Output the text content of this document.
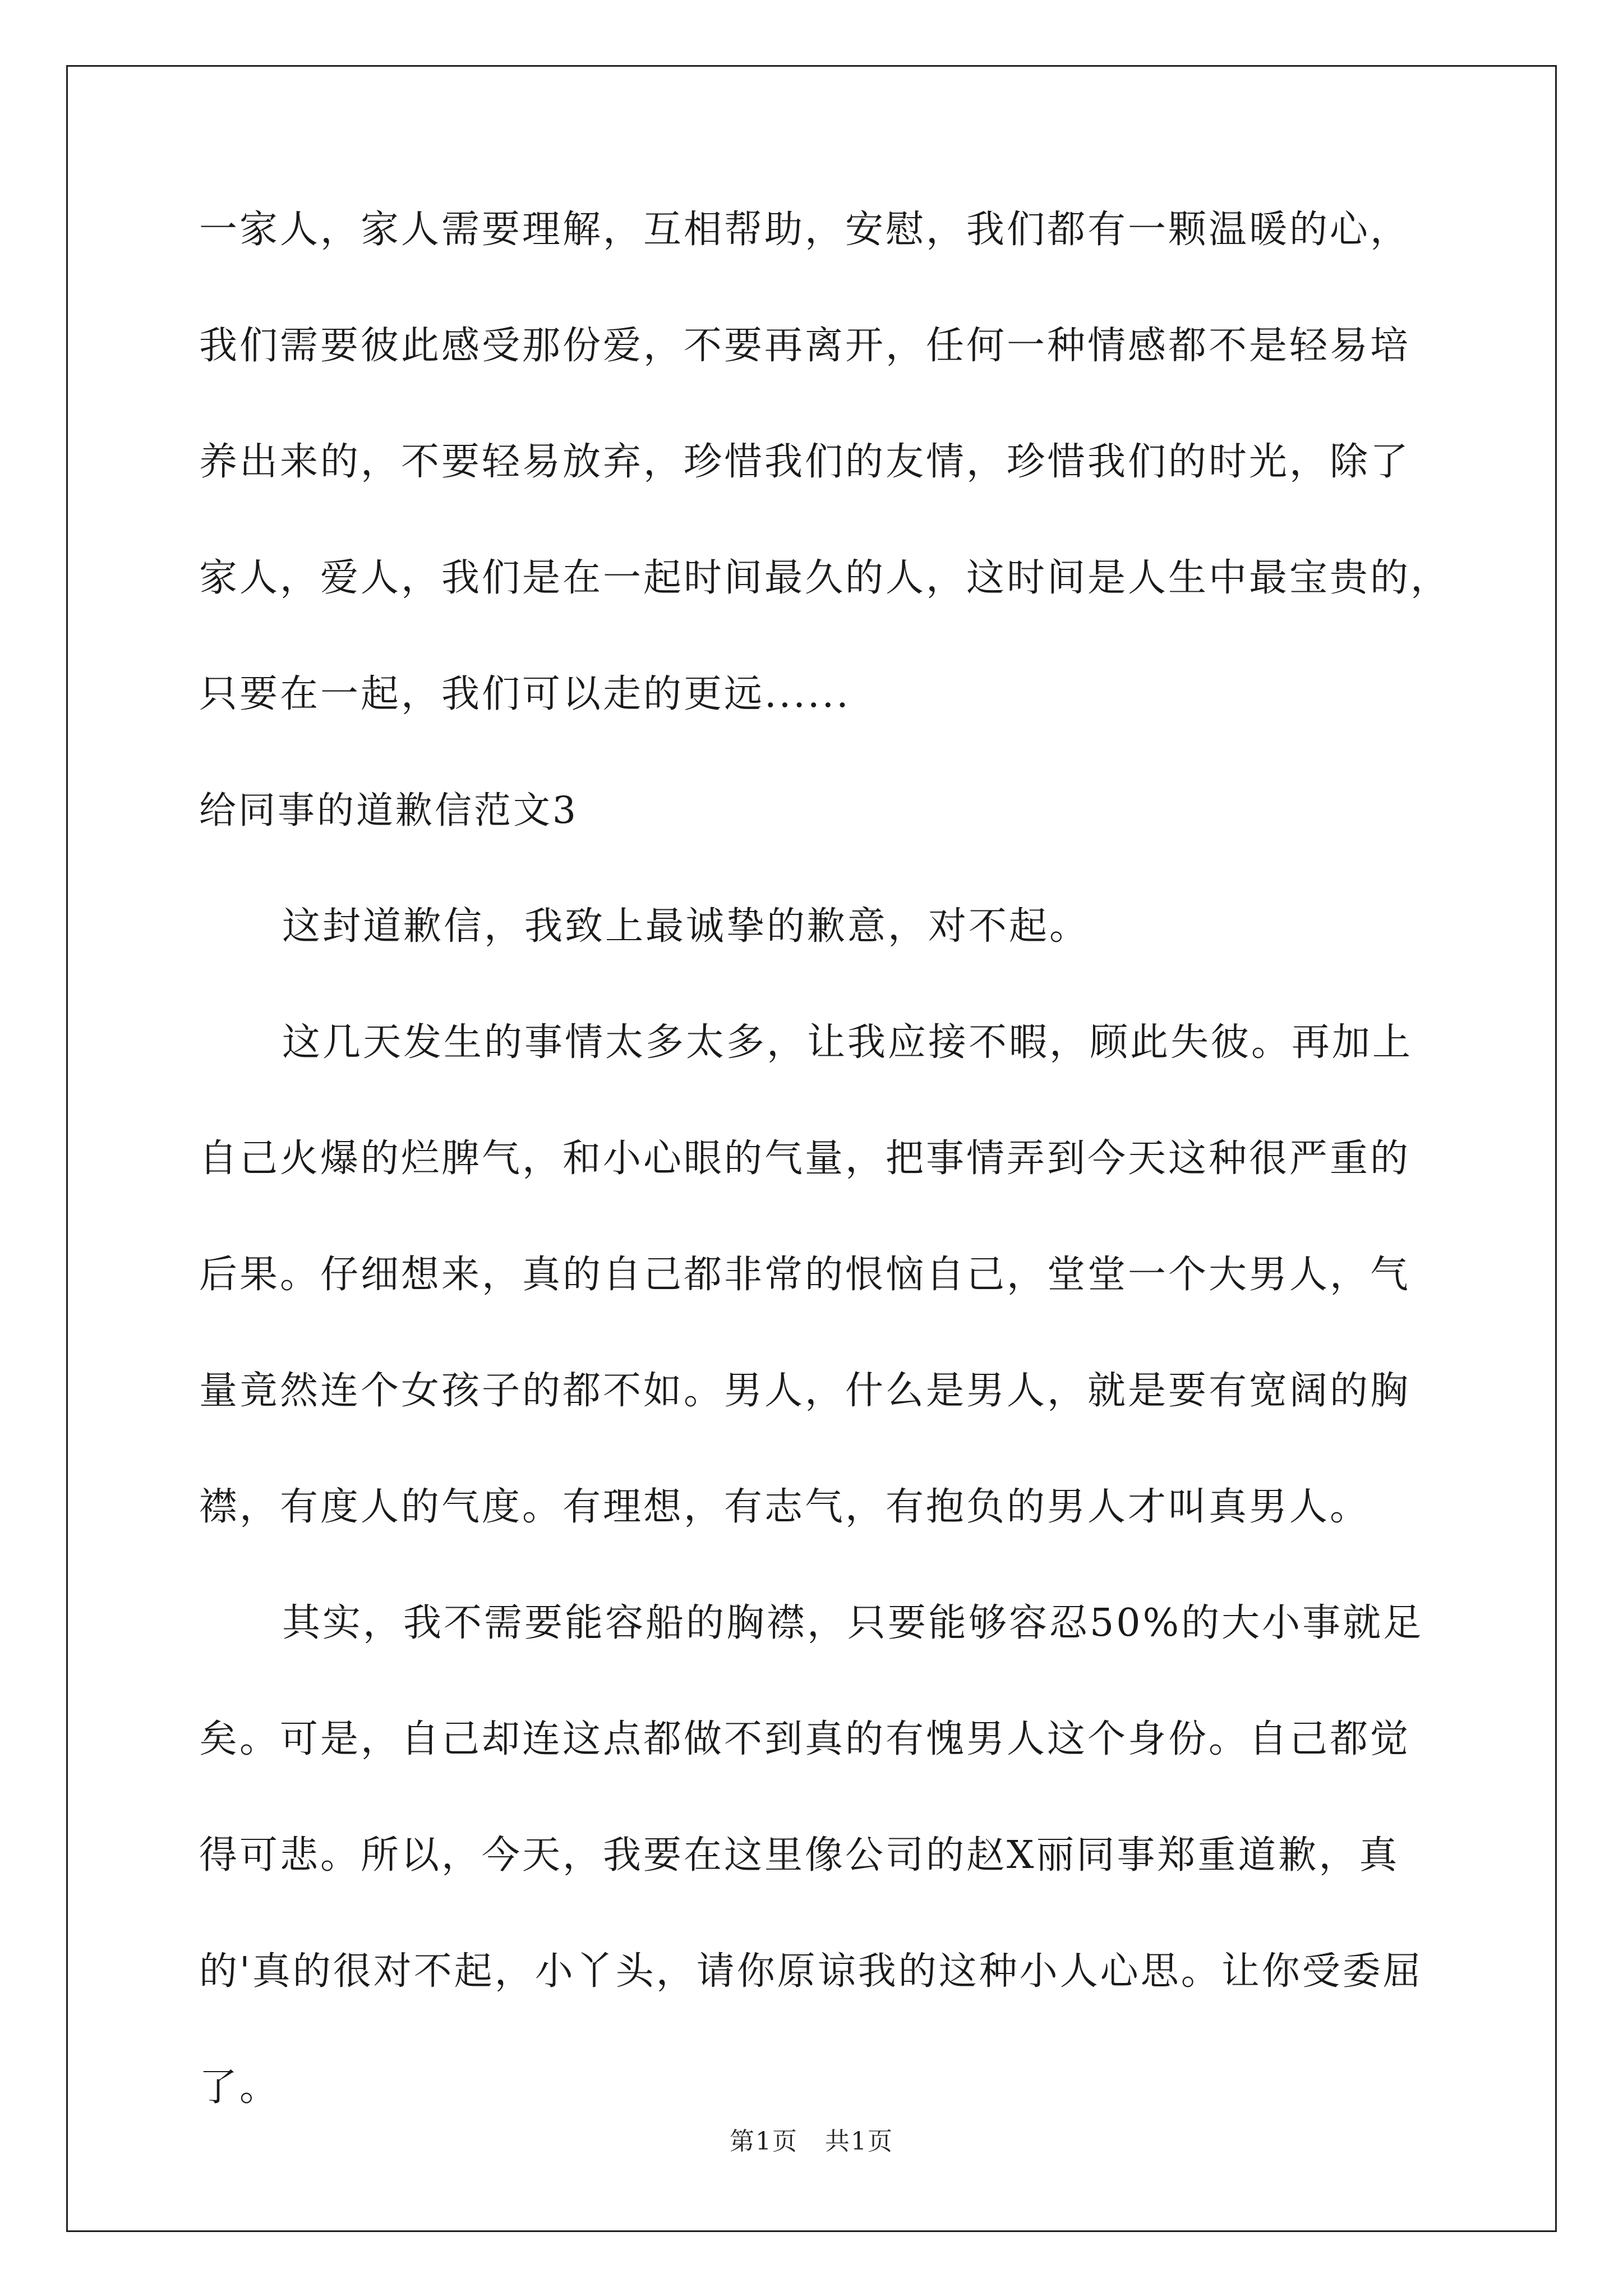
一家人，家人需要理解，互相帮助，安慰，我们都有一颗温暖的心，

我们需要彼此感受那份爱，不要再离开，任何一种情感都不是轻易培

养出来的，不要轻易放弃，珍惜我们的友情，珍惜我们的时光，除了

家人，爱人，我们是在一起时间最久的人，这时间是人生中最宝贵的，

只要在一起，我们可以走的更远......

给同事的道歉信范文3

这封道歉信，我致上最诚挚的歉意，对不起。

这几天发生的事情太多太多，让我应接不暇，顾此失彼。再加上

自己火爆的烂脾气，和小心眼的气量，把事情弄到今天这种很严重的

后果。仔细想来，真的自己都非常的恨恼自己，堂堂一个大男人，气

量竟然连个女孩子的都不如。男人，什么是男人，就是要有宽阔的胸

襟，有度人的气度。有理想，有志气，有抱负的男人才叫真男人。

其实，我不需要能容船的胸襟，只要能够容忍50%的大小事就足

矣。可是，自己却连这点都做不到真的有愧男人这个身份。自己都觉

得可悲。所以，今天，我要在这里像公司的赵X丽同事郑重道歉，真

的'真的很对不起，小丫头，请你原谅我的这种小人心思。让你受委屈

了。

第1页 共1页
